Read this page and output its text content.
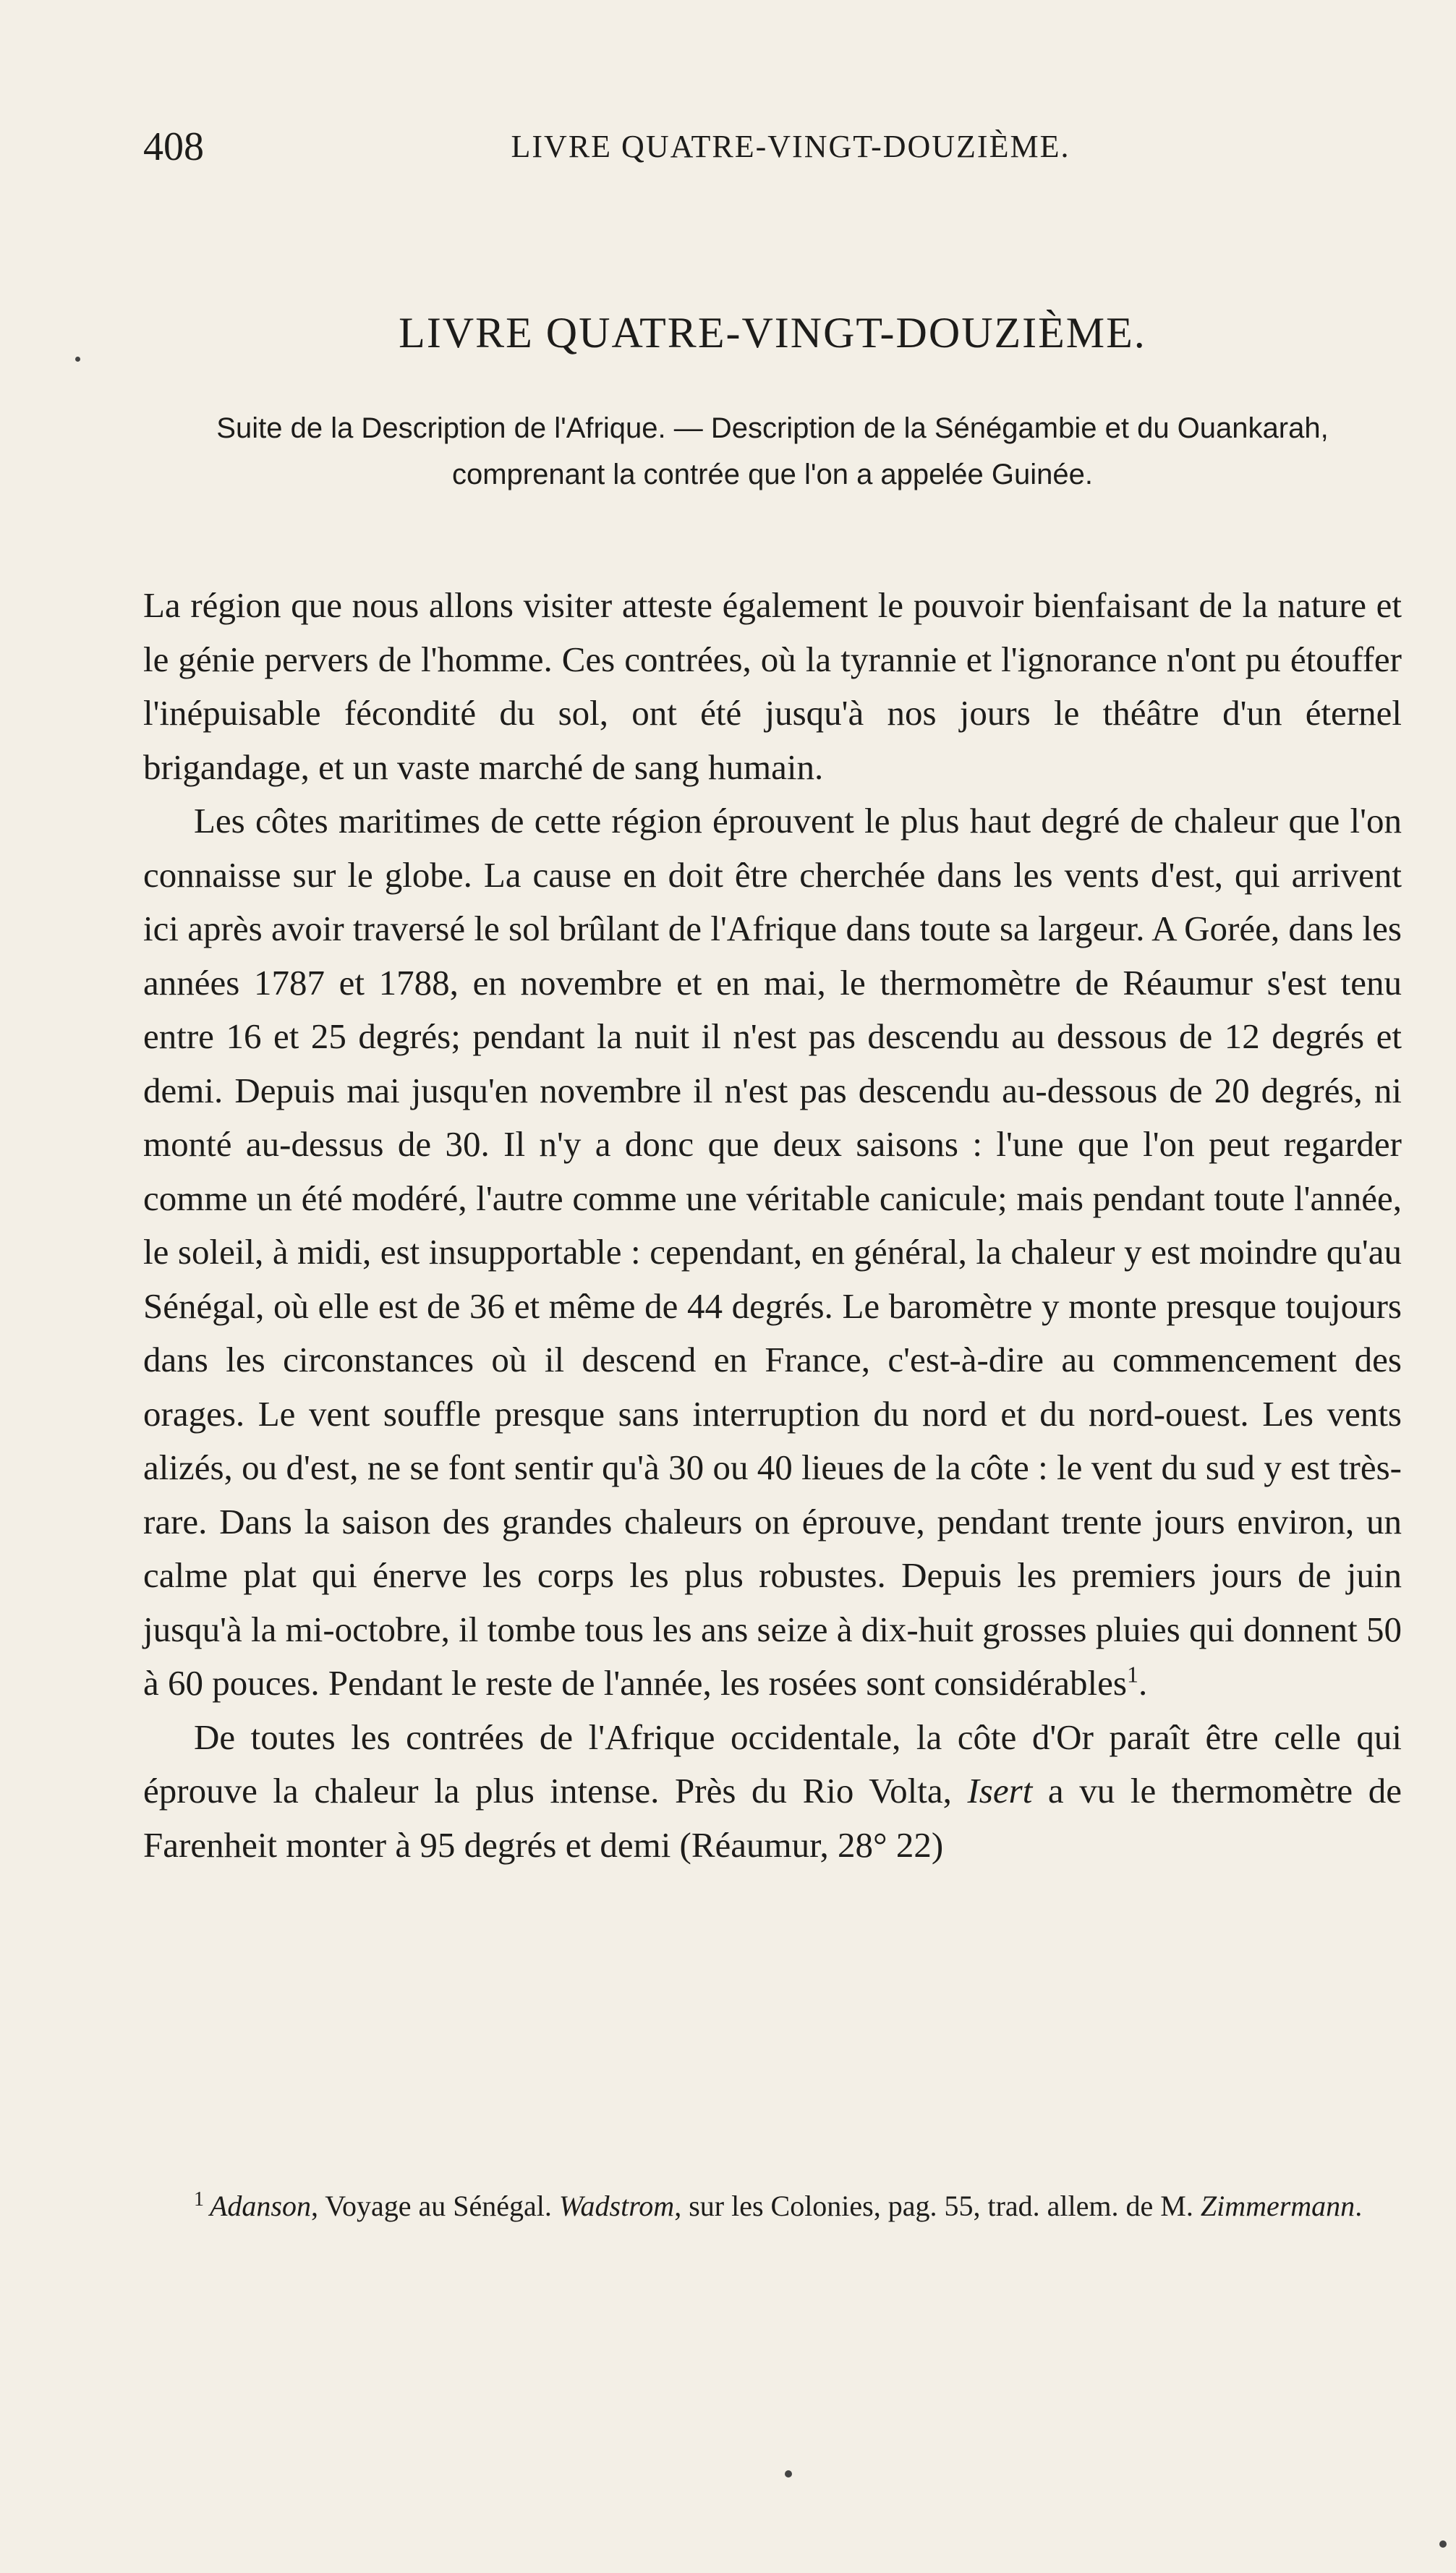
408	LIVRE QUATRE-VINGT-DOUZIÈME.
LIVRE QUATRE-VINGT-DOUZIÈME.

Suite de la Description de l'Afrique. — Description de la Sénégambie et du Ouankarah,

comprenant la contrée que l'on a appelée Guinée.

La région que nous allons visiter atteste également le pouvoir bienfaisant de la nature et le génie pervers de l'homme. Ces contrées, où la tyrannie et l'ignorance n'ont pu étouffer l'inépuisable fécondité du sol, ont été jusqu'à nos jours le théâtre d'un éternel brigandage, et un vaste marché de sang humain.

Les côtes maritimes de cette région éprouvent le plus haut degré de chaleur que l'on connaisse sur le globe. La cause en doit être cherchée dans les vents d'est, qui arrivent ici après avoir traversé le sol brûlant de l'Afrique dans toute sa largeur. A Gorée, dans les années 1787 et 1788, en novembre et en mai, le thermomètre de Réaumur s'est tenu entre 16 et 25 degrés; pendant la nuit il n'est pas descendu au dessous de 12 degrés et demi. Depuis mai jusqu'en novembre il n'est pas descendu au-dessous de 20 degrés, ni monté au-dessus de 30. Il n'y a donc que deux saisons : l'une que l'on peut regarder comme un été modéré, l'autre comme une véritable canicule; mais pendant toute l'année, le soleil, à midi, est insupportable : cependant, en général, la chaleur y est moindre qu'au Sénégal, où elle est de 36 et même de 44 degrés. Le baromètre y monte presque toujours dans les circonstances où il descend en France, c'est-à-dire au commencement des orages. Le vent souffle presque sans interruption du nord et du nord-ouest. Les vents alizés, ou d'est, ne se font sentir qu'à 30 ou 40 lieues de la côte : le vent du sud y est très-rare. Dans la saison des grandes chaleurs on éprouve, pendant trente jours environ, un calme plat qui énerve les corps les plus robustes. Depuis les premiers jours de juin jusqu'à la mi-octobre, il tombe tous les ans seize à dix-huit grosses pluies qui donnent 50 à 60 pouces. Pendant le reste de l'année, les rosées sont considérables$^1$.

De toutes les contrées de l'Afrique occidentale, la côte d'Or paraît être celle qui éprouve la chaleur la plus intense. Près du Rio Volta, Isert a vu le thermomètre de Farenheit monter à 95 degrés et demi (Réaumur, 28° 22)

$^1$ Adanson, Voyage au Sénégal. Wadstrom, sur les Colonies, pag. 55, trad. allem. de M. Zimmermann.
